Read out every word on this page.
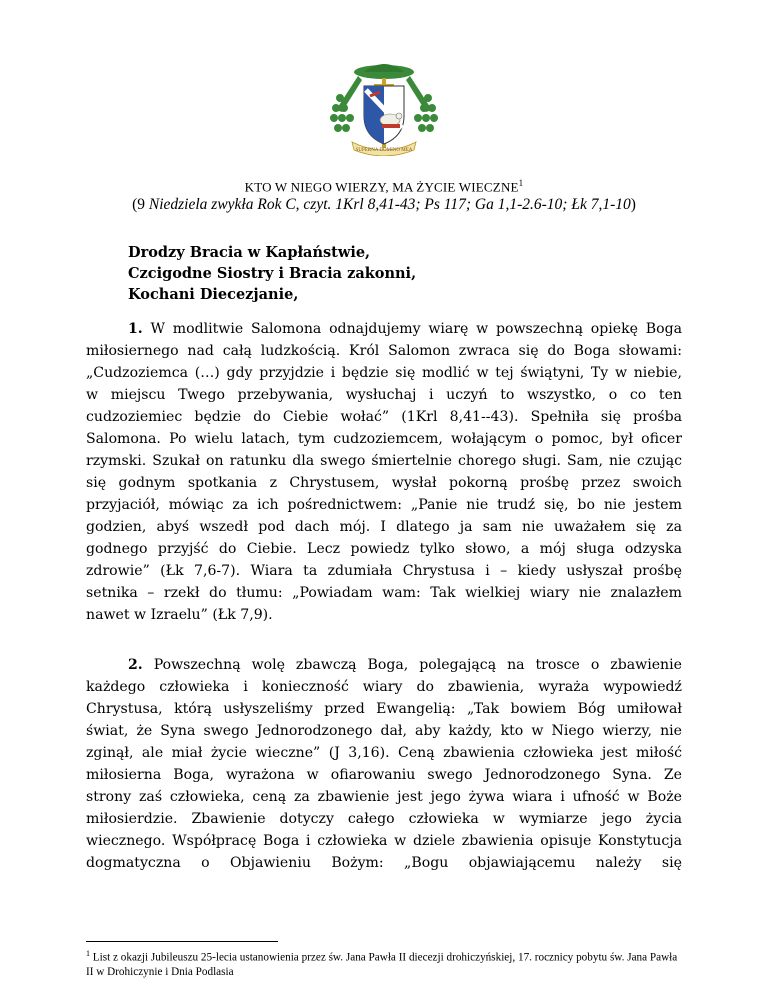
SUPERNA DOMINO MEA
KTO W NIEGO WIERZY, MA ŻYCIE WIECZNE$^1$
(9 Niedziela zwykła Rok C, czyt. 1Krl 8,41-43; Ps 117; Ga 1,1-2.6-10; Łk 7,1-10)
Drodzy Bracia w Kapłaństwie,
Czcigodne Siostry i Bracia zakonni,
Kochani Diecezjanie,
1. W modlitwie Salomona odnajdujemy wiarę w powszechną opiekę Boga
miłosiernego nad całą ludzkością. Król Salomon zwraca się do Boga słowami:
„Cudzoziemca (…) gdy przyjdzie i będzie się modlić w tej świątyni, Ty w niebie,
w miejscu Twego przebywania, wysłuchaj i uczyń to wszystko, o co ten
cudzoziemiec będzie do Ciebie wołać” (1Krl 8,41--43). Spełniła się prośba
Salomona. Po wielu latach, tym cudzoziemcem, wołającym o pomoc, był oficer
rzymski. Szukał on ratunku dla swego śmiertelnie chorego sługi. Sam, nie czując
się godnym spotkania z Chrystusem, wysłał pokorną prośbę przez swoich
przyjaciół, mówiąc za ich pośrednictwem: „Panie nie trudź się, bo nie jestem
godzien, abyś wszedł pod dach mój. I dlatego ja sam nie uważałem się za
godnego przyjść do Ciebie. Lecz powiedz tylko słowo, a mój sługa odzyska
zdrowie” (Łk 7,6-7). Wiara ta zdumiała Chrystusa i – kiedy usłyszał prośbę
setnika – rzekł do tłumu: „Powiadam wam: Tak wielkiej wiary nie znalazłem
nawet w Izraelu” (Łk 7,9).
2. Powszechną wolę zbawczą Boga, polegającą na trosce o zbawienie
każdego człowieka i konieczność wiary do zbawienia, wyraża wypowiedź
Chrystusa, którą usłyszeliśmy przed Ewangelią: „Tak bowiem Bóg umiłował
świat, że Syna swego Jednorodzonego dał, aby każdy, kto w Niego wierzy, nie
zginął, ale miał życie wieczne” (J 3,16). Ceną zbawienia człowieka jest miłość
miłosierna Boga, wyrażona w ofiarowaniu swego Jednorodzonego Syna. Ze
strony zaś człowieka, ceną za zbawienie jest jego żywa wiara i ufność w Boże
miłosierdzie. Zbawienie dotyczy całego człowieka w wymiarze jego życia
wiecznego. Współpracę Boga i człowieka w dziele zbawienia opisuje Konstytucja
dogmatyczna o Objawieniu Bożym: „Bogu objawiającemu należy się
$^1$ List z okazji Jubileuszu 25-lecia ustanowienia przez św. Jana Pawła II diecezji drohiczyńskiej, 17. rocznicy pobytu św. Jana Pawła II w Drohiczynie i Dnia Podlasia
